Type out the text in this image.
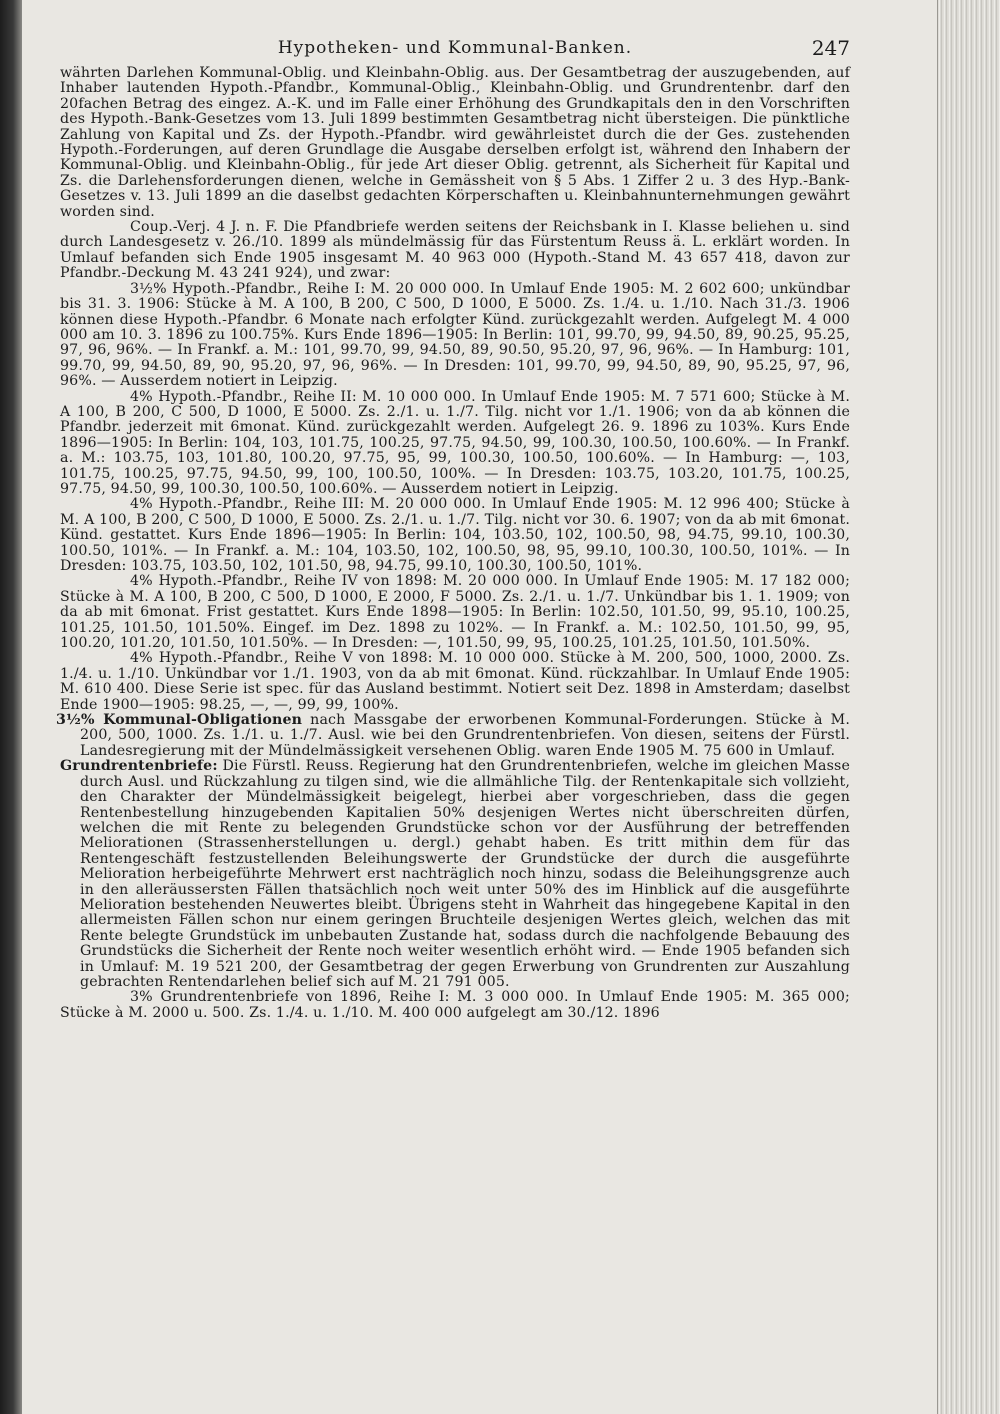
Hypotheken- und Kommunal-Banken.	247

währten Darlehen Kommunal-Oblig. und Kleinbahn-Oblig. aus. Der Gesamtbetrag der auszugebenden, auf Inhaber lautenden Hypoth.-Pfandbr., Kommunal-Oblig., Kleinbahn-Oblig. und Grundrentenbr. darf den 20fachen Betrag des eingez. A.-K. und im Falle einer Erhöhung des Grundkapitals den in den Vorschriften des Hypoth.-Bank-Gesetzes vom 13. Juli 1899 bestimmten Gesamtbetrag nicht übersteigen. Die pünktliche Zahlung von Kapital und Zs. der Hypoth.-Pfandbr. wird gewährleistet durch die der Ges. zustehenden Hypoth.-Forderungen, auf deren Grundlage die Ausgabe derselben erfolgt ist, während den Inhabern der Kommunal-Oblig. und Kleinbahn-Oblig., für jede Art dieser Oblig. getrennt, als Sicherheit für Kapital und Zs. die Darlehensforderungen dienen, welche in Gemässheit von § 5 Abs. 1 Ziffer 2 u. 3 des Hyp.-Bank-Gesetzes v. 13. Juli 1899 an die daselbst gedachten Körperschaften u. Kleinbahnunternehmungen gewährt worden sind.

Coup.-Verj. 4 J. n. F. Die Pfandbriefe werden seitens der Reichsbank in I. Klasse beliehen u. sind durch Landesgesetz v. 26./10. 1899 als mündelmässig für das Fürstentum Reuss ä. L. erklärt worden. In Umlauf befanden sich Ende 1905 insgesamt M. 40 963 000 (Hypoth.-Stand M. 43 657 418, davon zur Pfandbr.-Deckung M. 43 241 924), und zwar:

3½% Hypoth.-Pfandbr., Reihe I: M. 20 000 000. In Umlauf Ende 1905: M. 2 602 600; unkündbar bis 31. 3. 1906: Stücke à M. A 100, B 200, C 500, D 1000, E 5000. Zs. 1./4. u. 1./10. Nach 31./3. 1906 können diese Hypoth.-Pfandbr. 6 Monate nach erfolgter Künd. zurückgezahlt werden. Aufgelegt M. 4 000 000 am 10. 3. 1896 zu 100.75%. Kurs Ende 1896—1905: In Berlin: 101, 99.70, 99, 94.50, 89, 90.25, 95.25, 97, 96, 96%. — In Frankf. a. M.: 101, 99.70, 99, 94.50, 89, 90.50, 95.20, 97, 96, 96%. — In Hamburg: 101, 99.70, 99, 94.50, 89, 90, 95.20, 97, 96, 96%. — In Dresden: 101, 99.70, 99, 94.50, 89, 90, 95.25, 97, 96, 96%. — Ausserdem notiert in Leipzig.

4% Hypoth.-Pfandbr., Reihe II: M. 10 000 000. In Umlauf Ende 1905: M. 7 571 600; Stücke à M. A 100, B 200, C 500, D 1000, E 5000. Zs. 2./1. u. 1./7. Tilg. nicht vor 1./1. 1906; von da ab können die Pfandbr. jederzeit mit 6monat. Künd. zurückgezahlt werden. Aufgelegt 26. 9. 1896 zu 103%. Kurs Ende 1896—1905: In Berlin: 104, 103, 101.75, 100.25, 97.75, 94.50, 99, 100.30, 100.50, 100.60%. — In Frankf. a. M.: 103.75, 103, 101.80, 100.20, 97.75, 95, 99, 100.30, 100.50, 100.60%. — In Hamburg: —, 103, 101.75, 100.25, 97.75, 94.50, 99, 100, 100.50, 100%. — In Dresden: 103.75, 103.20, 101.75, 100.25, 97.75, 94.50, 99, 100.30, 100.50, 100.60%. — Ausserdem notiert in Leipzig.

4% Hypoth.-Pfandbr., Reihe III: M. 20 000 000. In Umlauf Ende 1905: M. 12 996 400; Stücke à M. A 100, B 200, C 500, D 1000, E 5000. Zs. 2./1. u. 1./7. Tilg. nicht vor 30. 6. 1907; von da ab mit 6monat. Künd. gestattet. Kurs Ende 1896—1905: In Berlin: 104, 103.50, 102, 100.50, 98, 94.75, 99.10, 100.30, 100.50, 101%. — In Frankf. a. M.: 104, 103.50, 102, 100.50, 98, 95, 99.10, 100.30, 100.50, 101%. — In Dresden: 103.75, 103.50, 102, 101.50, 98, 94.75, 99.10, 100.30, 100.50, 101%.

4% Hypoth.-Pfandbr., Reihe IV von 1898: M. 20 000 000. In Umlauf Ende 1905: M. 17 182 000; Stücke à M. A 100, B 200, C 500, D 1000, E 2000, F 5000. Zs. 2./1. u. 1./7. Unkündbar bis 1. 1. 1909; von da ab mit 6monat. Frist gestattet. Kurs Ende 1898—1905: In Berlin: 102.50, 101.50, 99, 95.10, 100.25, 101.25, 101.50, 101.50%. Eingef. im Dez. 1898 zu 102%. — In Frankf. a. M.: 102.50, 101.50, 99, 95, 100.20, 101.20, 101.50, 101.50%. — In Dresden: —, 101.50, 99, 95, 100.25, 101.25, 101.50, 101.50%.

4% Hypoth.-Pfandbr., Reihe V von 1898: M. 10 000 000. Stücke à M. 200, 500, 1000, 2000. Zs. 1./4. u. 1./10. Unkündbar vor 1./1. 1903, von da ab mit 6monat. Künd. rückzahlbar. In Umlauf Ende 1905: M. 610 400. Diese Serie ist spec. für das Ausland bestimmt. Notiert seit Dez. 1898 in Amsterdam; daselbst Ende 1900—1905: 98.25, —, —, 99, 99, 100%.

3½% Kommunal-Obligationen nach Massgabe der erworbenen Kommunal-Forderungen. Stücke à M. 200, 500, 1000. Zs. 1./1. u. 1./7. Ausl. wie bei den Grundrentenbriefen. Von diesen, seitens der Fürstl. Landesregierung mit der Mündelmässigkeit versehenen Oblig. waren Ende 1905 M. 75 600 in Umlauf.

Grundrentenbriefe: Die Fürstl. Reuss. Regierung hat den Grundrentenbriefen, welche im gleichen Masse durch Ausl. und Rückzahlung zu tilgen sind, wie die allmähliche Tilg. der Rentenkapitale sich vollzieht, den Charakter der Mündelmässigkeit beigelegt, hierbei aber vorgeschrieben, dass die gegen Rentenbestellung hinzugebenden Kapitalien 50% desjenigen Wertes nicht überschreiten dürfen, welchen die mit Rente zu belegenden Grundstücke schon vor der Ausführung der betreffenden Meliorationen (Strassenherstellungen u. dergl.) gehabt haben. Es tritt mithin dem für das Rentengeschäft festzustellenden Beleihungswerte der Grundstücke der durch die ausgeführte Melioration herbeigeführte Mehrwert erst nachträglich noch hinzu, sodass die Beleihungsgrenze auch in den alleräussersten Fällen thatsächlich noch weit unter 50% des im Hinblick auf die ausgeführte Melioration bestehenden Neuwertes bleibt. Übrigens steht in Wahrheit das hingegebene Kapital in den allermeisten Fällen schon nur einem geringen Bruchteile desjenigen Wertes gleich, welchen das mit Rente belegte Grundstück im unbebauten Zustande hat, sodass durch die nachfolgende Bebauung des Grundstücks die Sicherheit der Rente noch weiter wesentlich erhöht wird. — Ende 1905 befanden sich in Umlauf: M. 19 521 200, der Gesamtbetrag der gegen Erwerbung von Grundrenten zur Auszahlung gebrachten Rentendarlehen belief sich auf M. 21 791 005.

3% Grundrentenbriefe von 1896, Reihe I: M. 3 000 000. In Umlauf Ende 1905: M. 365 000; Stücke à M. 2000 u. 500. Zs. 1./4. u. 1./10. M. 400 000 aufgelegt am 30./12. 1896
